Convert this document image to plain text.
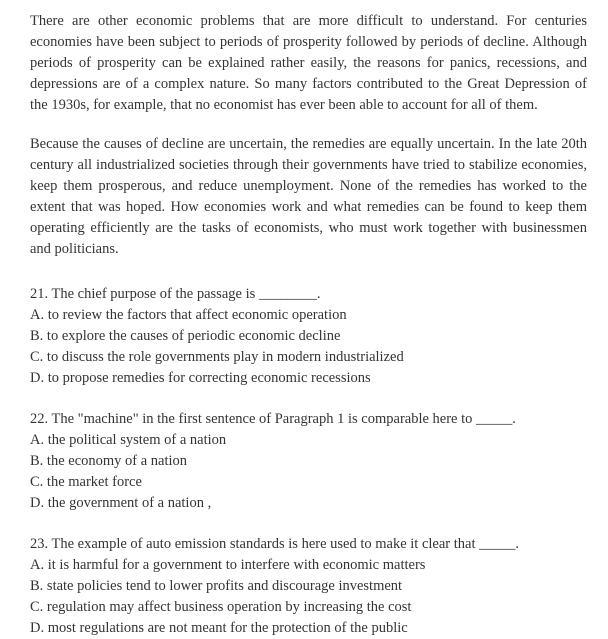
There are other economic problems that are more difficult to understand. For centuries economies have been subject to periods of prosperity followed by periods of decline. Although periods of prosperity can be explained rather easily, the reasons for panics, recessions, and depressions are of a complex nature. So many factors contributed to the Great Depression of the 1930s, for example, that no economist has ever been able to account for all of them.

Because the causes of decline are uncertain, the remedies are equally uncertain. In the late 20th century all industrialized societies through their governments have tried to stabilize economies, keep them prosperous, and reduce unemployment. None of the remedies has worked to the extent that was hoped. How economies work and what remedies can be found to keep them operating efficiently are the tasks of economists, who must work together with businessmen and politicians.

21. The chief purpose of the passage is ________.

A. to review the factors that affect economic operation

B. to explore the causes of periodic economic decline

C. to discuss the role governments play in modern industrialized

D. to propose remedies for correcting economic recessions

22. The "machine" in the first sentence of Paragraph 1 is comparable here to _____.

A. the political system of a nation

B. the economy of a nation

C. the market force

D. the government of a nation ,

23. The example of auto emission standards is here used to make it clear that _____.

A. it is harmful for a government to interfere with economic matters

B. state policies tend to lower profits and discourage investment

C. regulation may affect business operation by increasing the cost

D. most regulations are not meant for the protection of the public
